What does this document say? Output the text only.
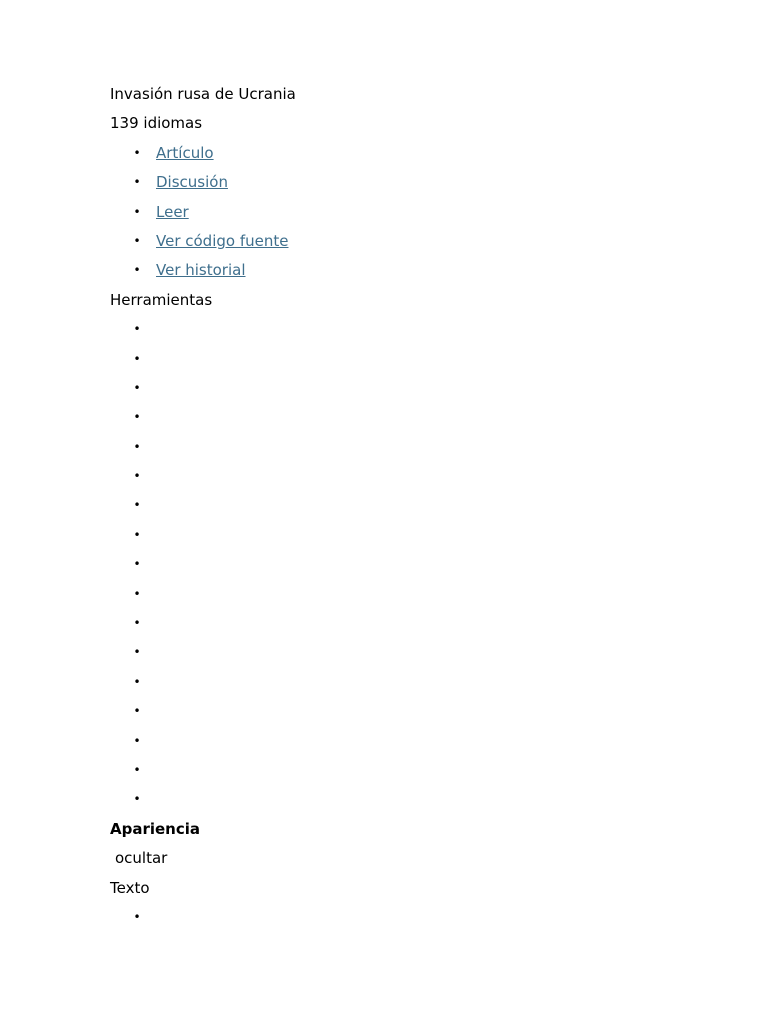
Invasión rusa de Ucrania
139 idiomas
• Artículo
• Discusión
• Leer
• Ver código fuente
• Ver historial
Herramientas
•
•
•
•
•
•
•
•
•
•
•
•
•
•
•
•
•
Apariencia
ocultar
Texto
•
